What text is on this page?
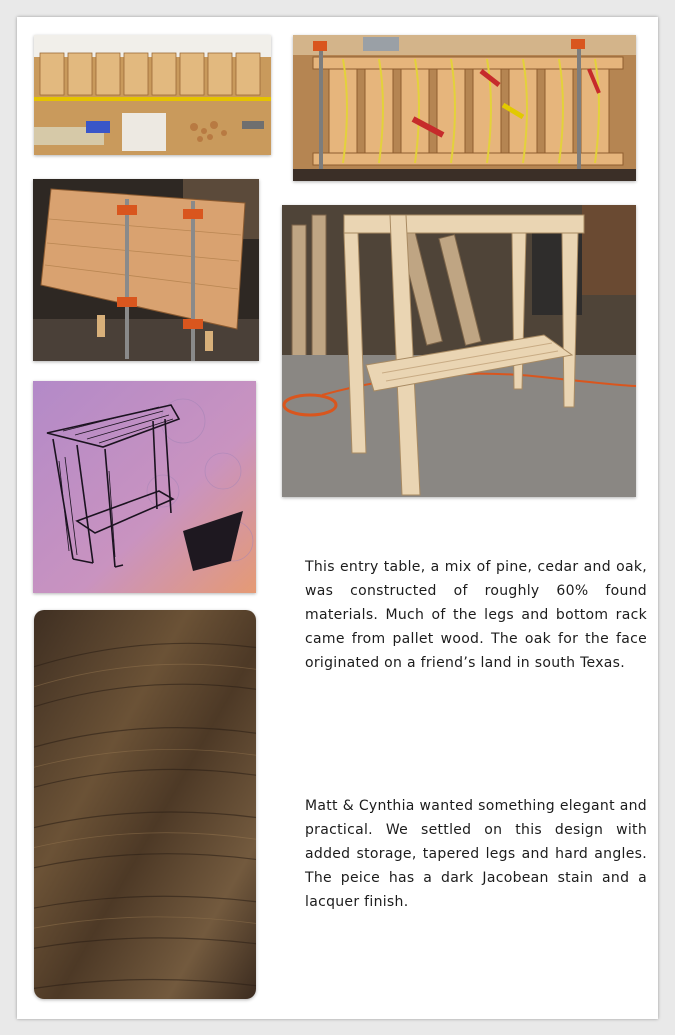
This entry table, a mix of pine, cedar and oak, was constructed of roughly 60% found materials. Much of the legs and bottom rack came from pallet wood. The oak for the face originated on a friend’s land in south Texas.

Matt & Cynthia wanted something elegant and practical. We settled on this design with added storage, tapered legs and hard angles. The peice has a dark Jacobean stain and a lacquer finish.
